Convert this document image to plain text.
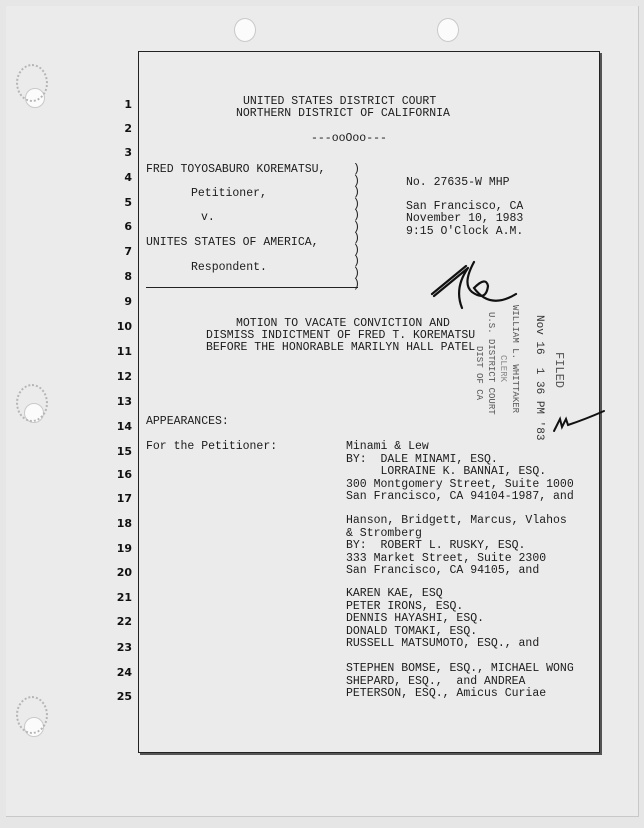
1
2
3
4
5
6
7
8
9
10
11
12
13
14
15
16
17
18
19
20
21
22
23
24
25
UNITED STATES DISTRICT COURT
NORTHERN DISTRICT OF CALIFORNIA
---ooOoo---
FRED TOYOSABURO KOREMATSU,
Petitioner,
v.
UNITES STATES OF AMERICA,
Respondent.
)
)
)
)
)
)
)
)
)
)
)
No. 27635-W MHP
San Francisco, CA
November 10, 1983
9:15 O'Clock A.M.
MOTION TO VACATE CONVICTION AND
DISMISS INDICTMENT OF FRED T. KOREMATSU
BEFORE THE HONORABLE MARILYN HALL PATEL
APPEARANCES:
For the Petitioner:	Minami & Lew
BY:  DALE MINAMI, ESQ.
LORRAINE K. BANNAI, ESQ.
300 Montgomery Street, Suite 1000
San Francisco, CA 94104-1987, and
Hanson, Bridgett, Marcus, Vlahos
& Stromberg
BY:  ROBERT L. RUSKY, ESQ.
333 Market Street, Suite 2300
San Francisco, CA 94105, and
KAREN KAE, ESQ
PETER IRONS, ESQ.
DENNIS HAYASHI, ESQ.
DONALD TOMAKI, ESQ.
RUSSELL MATSUMOTO, ESQ., and
STEPHEN BOMSE, ESQ., MICHAEL WONG
SHEPARD, ESQ.,  and ANDREA
PETERSON, ESQ., Amicus Curiae
FILED
Nov 16  1 36 PM '83
WILLIAM L. WHITTAKER
CLERK
U.S. DISTRICT COURT
DIST OF CA
